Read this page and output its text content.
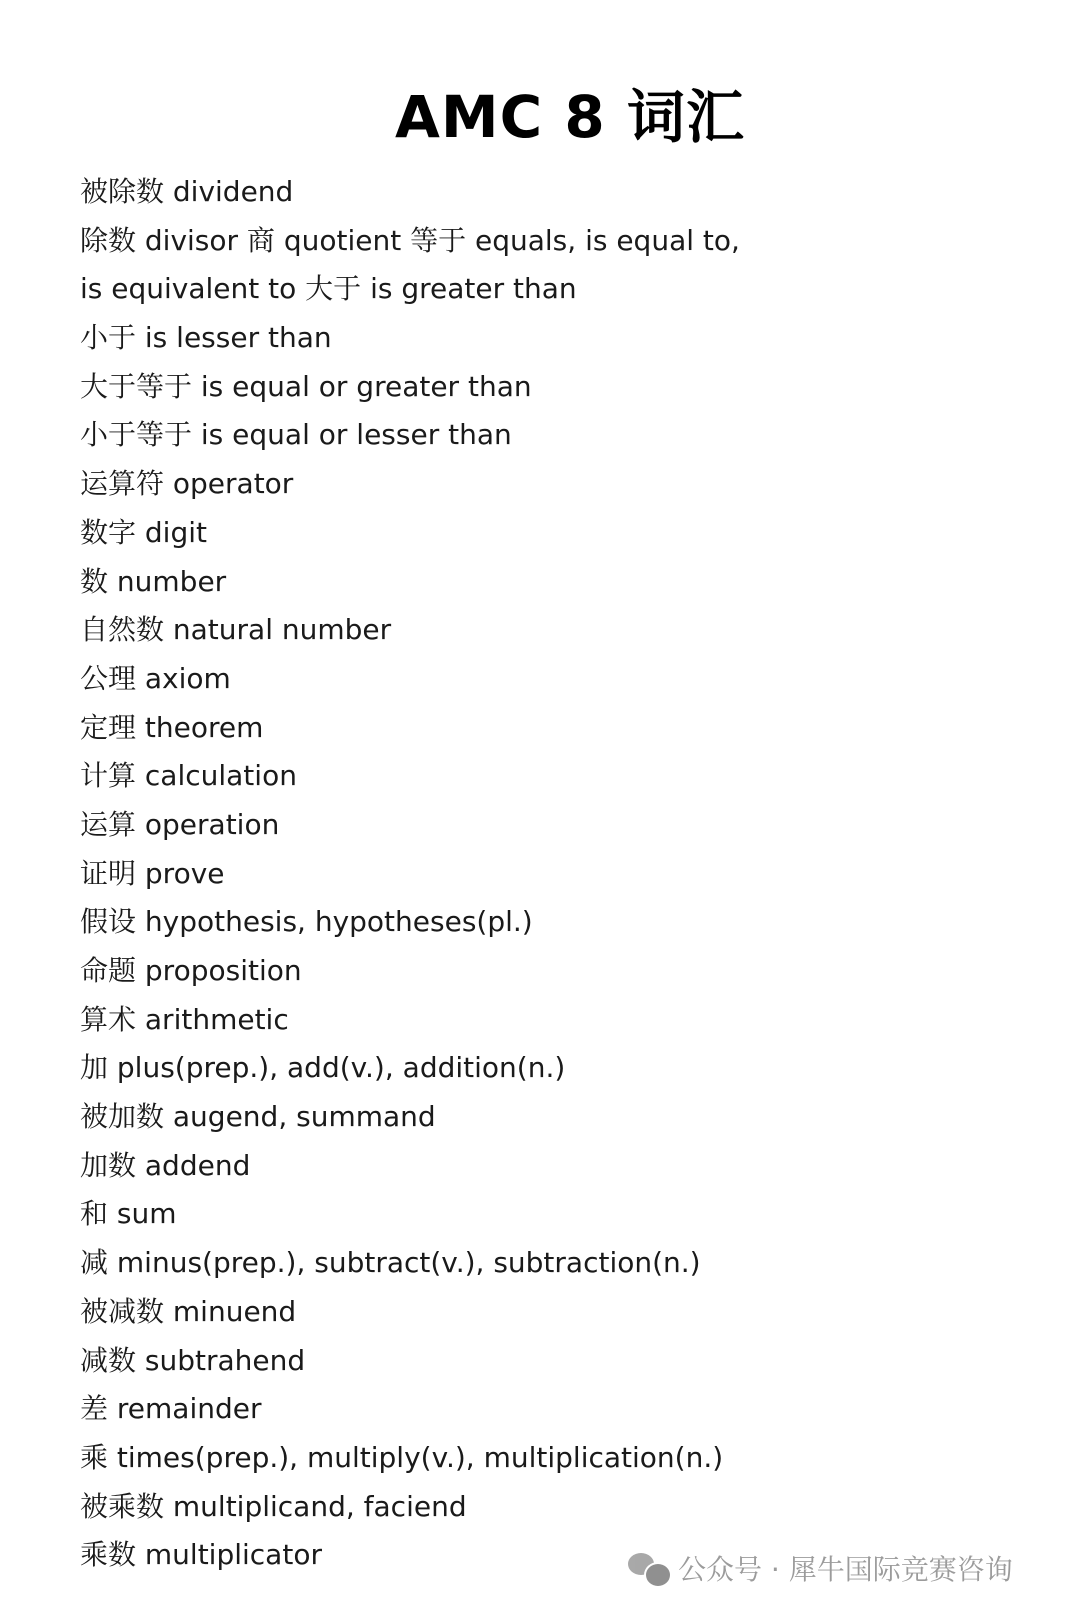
AMC 8 词汇
被除数 dividend
除数 divisor 商 quotient 等于 equals, is equal to, is equivalent to 大于 is greater than
小于 is lesser than
大于等于 is equal or greater than
小于等于 is equal or lesser than
运算符 operator
数字 digit
数 number
自然数 natural number
公理 axiom
定理 theorem
计算 calculation
运算 operation
证明 prove
假设 hypothesis, hypotheses(pl.)
命题 proposition
算术 arithmetic
加 plus(prep.), add(v.), addition(n.)
被加数 augend, summand
加数 addend
和 sum
减 minus(prep.), subtract(v.), subtraction(n.)
被减数 minuend
减数 subtrahend
差 remainder
乘 times(prep.), multiply(v.), multiplication(n.)
被乘数 multiplicand, faciend
乘数 multiplicator	公众号 · 犀牛国际竞赛咨询
